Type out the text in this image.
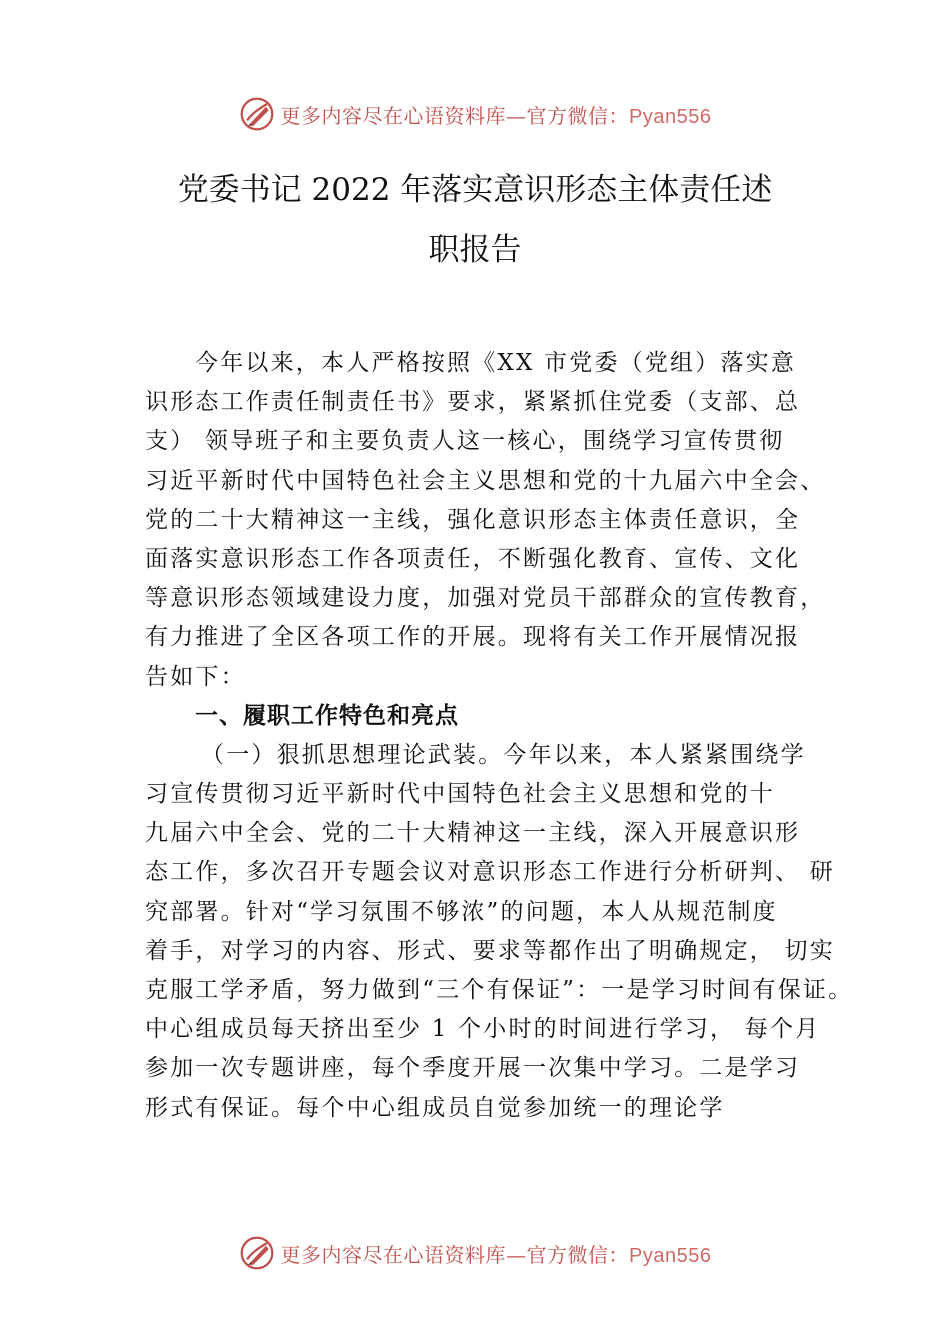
更多内容尽在心语资料库—官方微信：Pyan556
党委书记 2022 年落实意识形态主体责任述
职报告
今年以来，本人严格按照《XX 市党委（党组）落实意
识形态工作责任制责任书》要求，紧紧抓住党委（支部、总
支） 领导班子和主要负责人这一核心，围绕学习宣传贯彻
习近平新时代中国特色社会主义思想和党的十九届六中全会、
党的二十大精神这一主线，强化意识形态主体责任意识，全
面落实意识形态工作各项责任，不断强化教育、宣传、文化
等意识形态领域建设力度，加强对党员干部群众的宣传教育，
有力推进了全区各项工作的开展。现将有关工作开展情况报
告如下：
一、履职工作特色和亮点
（一）狠抓思想理论武装。今年以来，本人紧紧围绕学
习宣传贯彻习近平新时代中国特色社会主义思想和党的十
九届六中全会、党的二十大精神这一主线，深入开展意识形
态工作，多次召开专题会议对意识形态工作进行分析研判、 研
究部署。针对“学习氛围不够浓”的问题，本人从规范制度
着手，对学习的内容、形式、要求等都作出了明确规定， 切实
克服工学矛盾，努力做到“三个有保证”：一是学习时间有保证。
中心组成员每天挤出至少 1 个小时的时间进行学习， 每个月
参加一次专题讲座，每个季度开展一次集中学习。二是学习
形式有保证。每个中心组成员自觉参加统一的理论学
更多内容尽在心语资料库—官方微信：Pyan556
